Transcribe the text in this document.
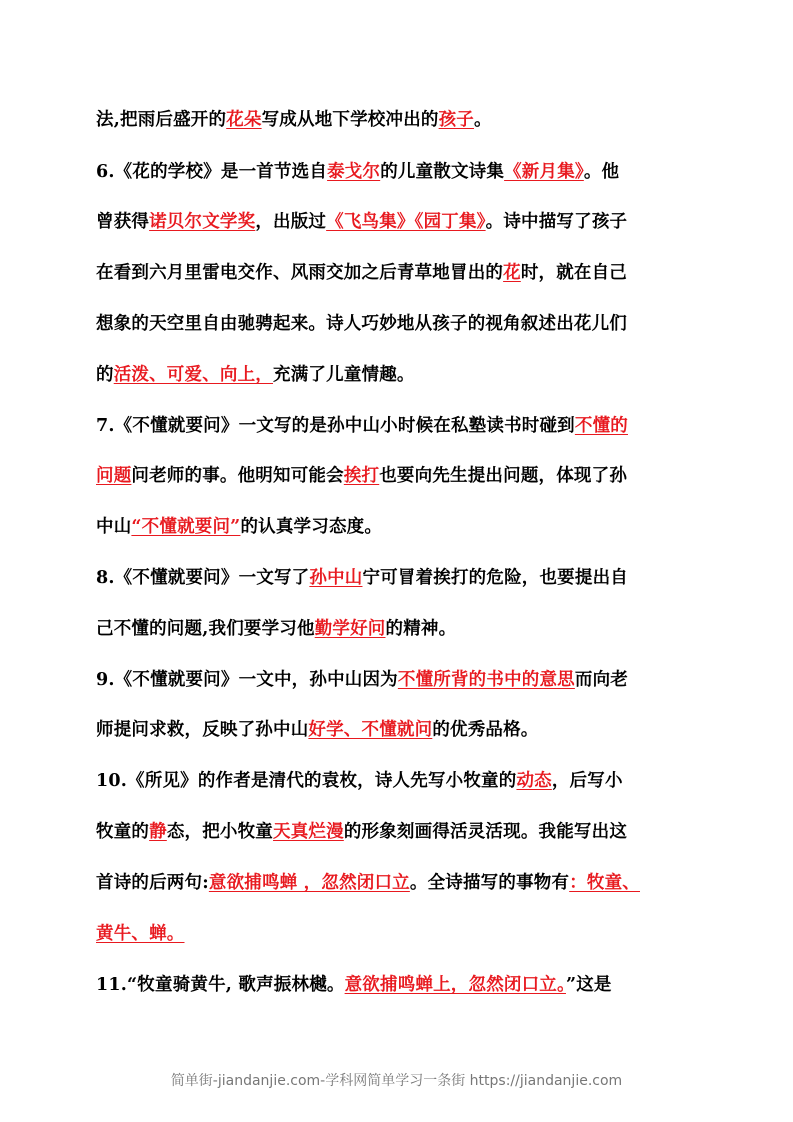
法,把雨后盛开的花朵写成从地下学校冲出的孩子。
6.《花的学校》是一首节选自泰戈尔的儿童散文诗集《新月集》。他
曾获得诺贝尔文学奖，出版过《飞鸟集》《园丁集》。诗中描写了孩子
在看到六月里雷电交作、风雨交加之后青草地冒出的花时，就在自己
想象的天空里自由驰骋起来。诗人巧妙地从孩子的视角叙述出花儿们
的活泼、可爱、向上，充满了儿童情趣。
7.《不懂就要问》一文写的是孙中山小时候在私塾读书时碰到不懂的
问题问老师的事。他明知可能会挨打也要向先生提出问题，体现了孙
中山“不懂就要问”的认真学习态度。
8.《不懂就要问》一文写了孙中山宁可冒着挨打的危险，也要提出自
己不懂的问题,我们要学习他勤学好问的精神。
9.《不懂就要问》一文中，孙中山因为不懂所背的书中的意思而向老
师提问求救，反映了孙中山好学、不懂就问的优秀品格。
10.《所见》的作者是清代的袁枚，诗人先写小牧童的动态，后写小
牧童的静态，把小牧童天真烂漫的形象刻画得活灵活现。我能写出这
首诗的后两句:意欲捕鸣蝉 ，忽然闭口立。全诗描写的事物有：牧童、
黄牛、蝉。
11.“牧童骑黄牛, 歌声振林樾。意欲捕鸣蝉上，忽然闭口立。”这是
简单街-jiandanjie.com-学科网简单学习一条街 https://jiandanjie.com
